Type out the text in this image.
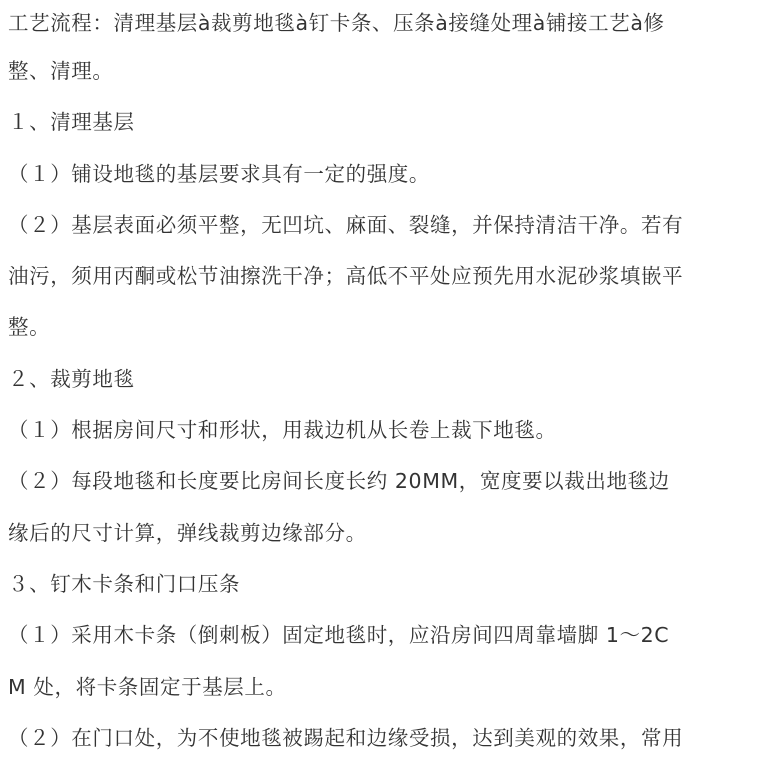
工艺流程：清理基层à裁剪地毯à钉卡条、压条à接缝处理à铺接工艺à修
整、清理。
１、清理基层
（１）铺设地毯的基层要求具有一定的强度。
（２）基层表面必须平整，无凹坑、麻面、裂缝，并保持清洁干净。若有
油污，须用丙酮或松节油擦洗干净；高低不平处应预先用水泥砂浆填嵌平
整。
２、裁剪地毯
（１）根据房间尺寸和形状，用裁边机从长卷上裁下地毯。
（２）每段地毯和长度要比房间长度长约 20MM，宽度要以裁出地毯边
缘后的尺寸计算，弹线裁剪边缘部分。
３、钉木卡条和门口压条
（１）采用木卡条（倒刺板）固定地毯时，应沿房间四周靠墙脚 1～2C
M 处，将卡条固定于基层上。
（２）在门口处，为不使地毯被踢起和边缘受损，达到美观的效果，常用
